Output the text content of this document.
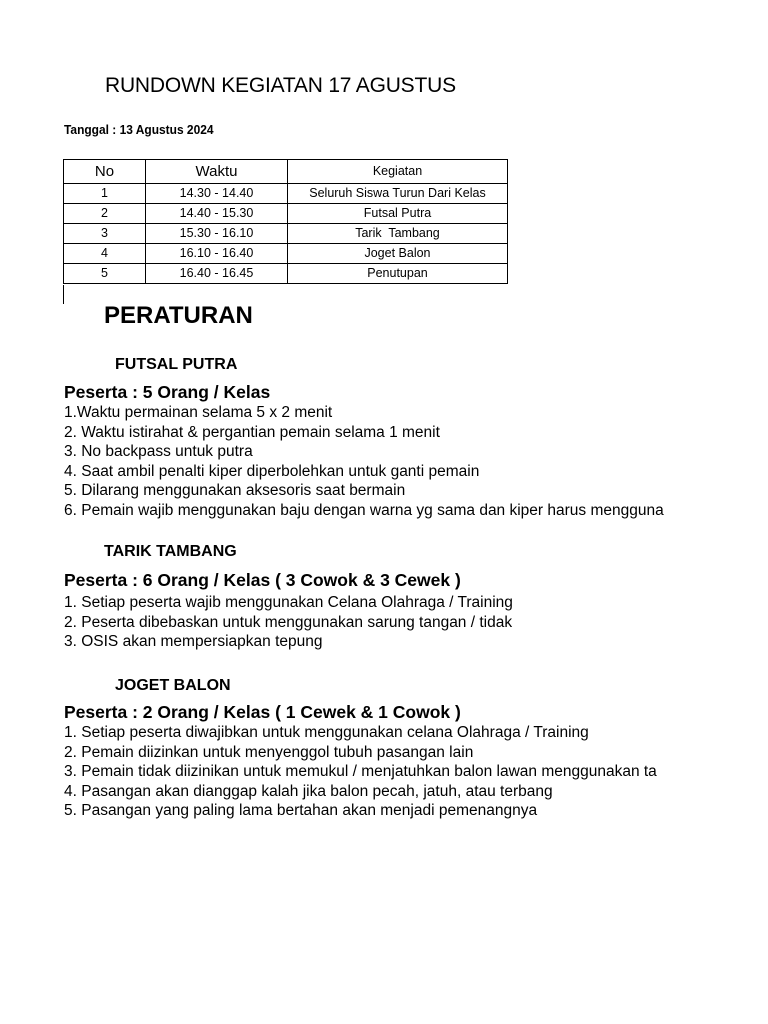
RUNDOWN KEGIATAN 17 AGUSTUS
Tanggal : 13 Agustus 2024
No	Waktu	Kegiatan
1	14.30 - 14.40	Seluruh Siswa Turun Dari Kelas
2	14.40 - 15.30	Futsal Putra
3	15.30 - 16.10	Tarik  Tambang
4	16.10 - 16.40	Joget Balon
5	16.40 - 16.45	Penutupan
PERATURAN
FUTSAL PUTRA
Peserta : 5 Orang / Kelas
1.Waktu permainan selama 5 x 2 menit
2. Waktu istirahat & pergantian pemain selama 1 menit
3. No backpass untuk putra
4. Saat ambil penalti kiper diperbolehkan untuk ganti pemain
5. Dilarang menggunakan aksesoris saat bermain
6. Pemain wajib menggunakan baju dengan warna yg sama dan kiper harus mengguna
TARIK TAMBANG
Peserta : 6 Orang / Kelas ( 3 Cowok & 3 Cewek )
1. Setiap peserta wajib menggunakan Celana Olahraga / Training
2. Peserta dibebaskan untuk menggunakan sarung tangan / tidak
3. OSIS akan mempersiapkan tepung
JOGET BALON
Peserta : 2 Orang / Kelas ( 1 Cewek & 1 Cowok )
1. Setiap peserta diwajibkan untuk menggunakan celana Olahraga / Training
2. Pemain diizinkan untuk menyenggol tubuh pasangan lain
3. Pemain tidak diizinikan untuk memukul / menjatuhkan balon lawan menggunakan ta
4. Pasangan akan dianggap kalah jika balon pecah, jatuh, atau terbang
5. Pasangan yang paling lama bertahan akan menjadi pemenangnya
